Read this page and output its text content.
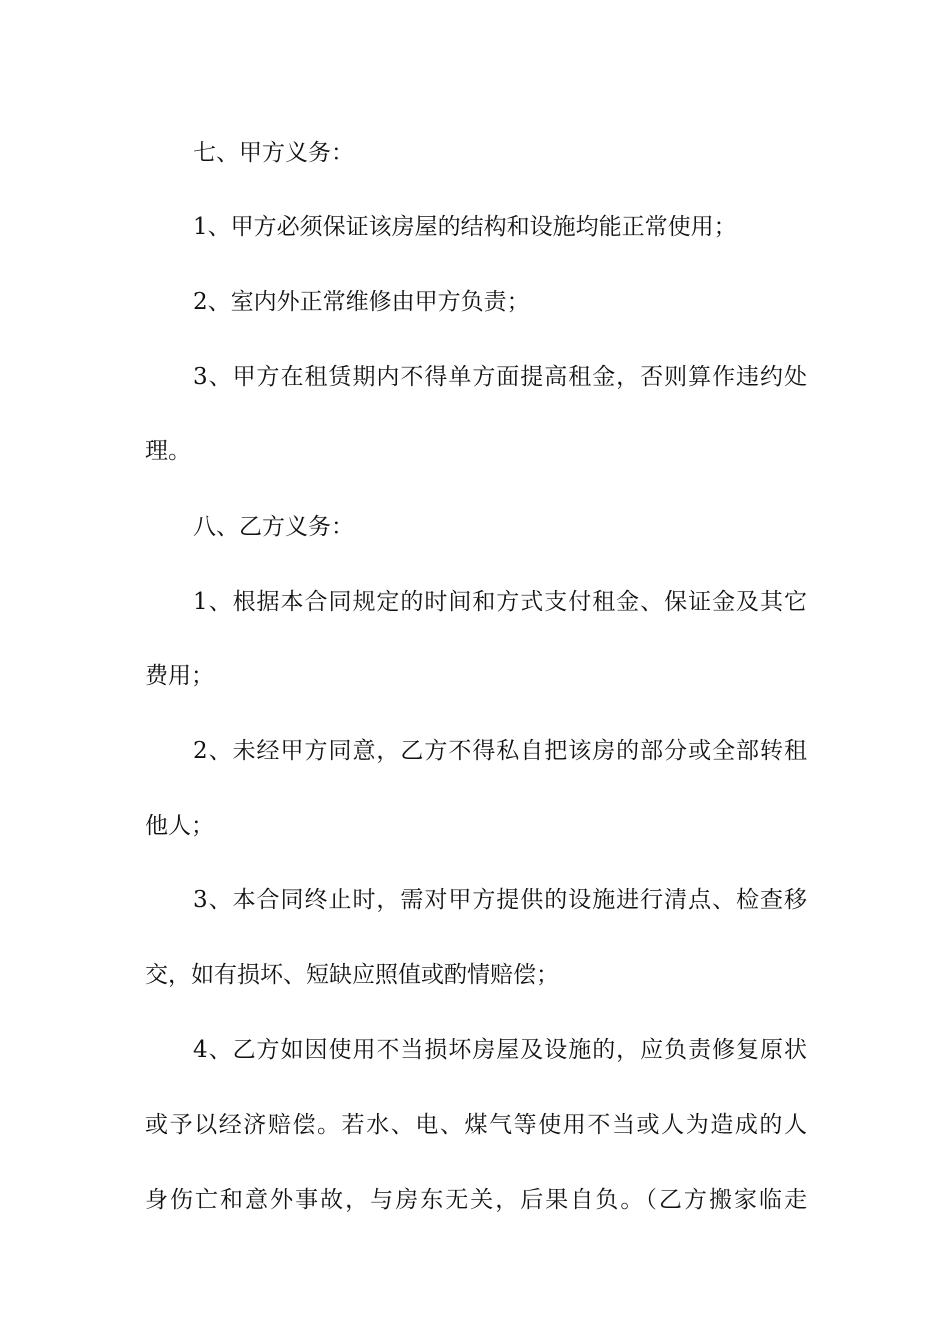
七、甲方义务：
1、甲方必须保证该房屋的结构和设施均能正常使用；
2、室内外正常维修由甲方负责；
3、甲方在租赁期内不得单方面提高租金，否则算作违约处
理。
八、乙方义务：
1、根据本合同规定的时间和方式支付租金、保证金及其它
费用；
2、未经甲方同意，乙方不得私自把该房的部分或全部转租
他人；
3、本合同终止时，需对甲方提供的设施进行清点、检查移
交，如有损坏、短缺应照值或酌情赔偿；
4、乙方如因使用不当损坏房屋及设施的，应负责修复原状
或予以经济赔偿。若水、电、煤气等使用不当或人为造成的人
身伤亡和意外事故，与房东无关，后果自负。（乙方搬家临走
